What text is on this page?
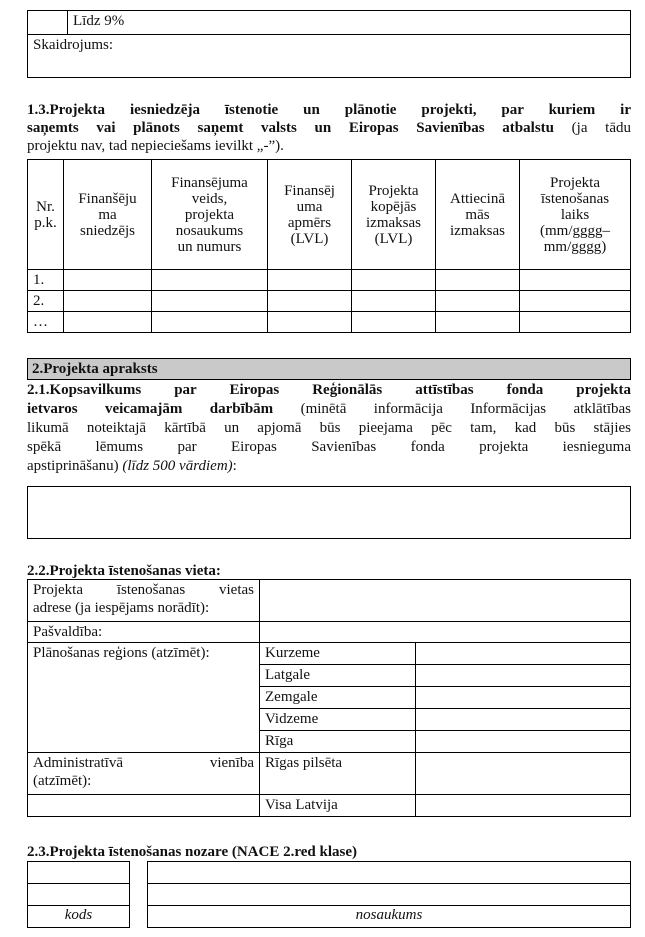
	Līdz 9%
Skaidrojums:
1.3.Projekta iesniedzēja īstenotie un plānotie projekti, par kuriem ir
saņemts vai plānots saņemt valsts un Eiropas Savienības atbalstu (ja tādu
projektu nav, tad nepieciešams ievilkt „-”).
Nr.
p.k.	Finanšēju
ma
sniedzējs	Finansējuma
veids,
projekta
nosaukums
un numurs	Finansēj
uma
apmērs
(LVL)	Projekta
kopējās
izmaksas
(LVL)	Attiecinā
mās
izmaksas	Projekta
īstenošanas
laiks
(mm/gggg–
mm/gggg)
1.						
2.						
…						
2.Projekta apraksts
2.1.Kopsavilkums par Eiropas Reģionālās attīstības fonda projekta
ietvaros veicamajām darbībām (minētā informācija Informācijas atklātības
likumā noteiktajā kārtībā un apjomā būs pieejama pēc tam, kad būs stājies
spēkā lēmums par Eiropas Savienības fonda projekta iesnieguma
apstiprināšanu) (līdz 500 vārdiem):
2.2.Projekta īstenošanas vieta:
Projekta īstenošanas vietas
adrese (ja iespējams norādīt):		

Pašvaldība:		
Plānošanas reģions (atzīmēt):	Kurzeme	
	Latgale	
	Zemgale	
	Vidzeme	
	Rīga	

Administratīvā vienība
(atzīmēt):	Rīgas pilsēta	
	Visa Latvija	
2.3.Projekta īstenošanas nozare (NACE 2.red klase)

kods	nosaukums
